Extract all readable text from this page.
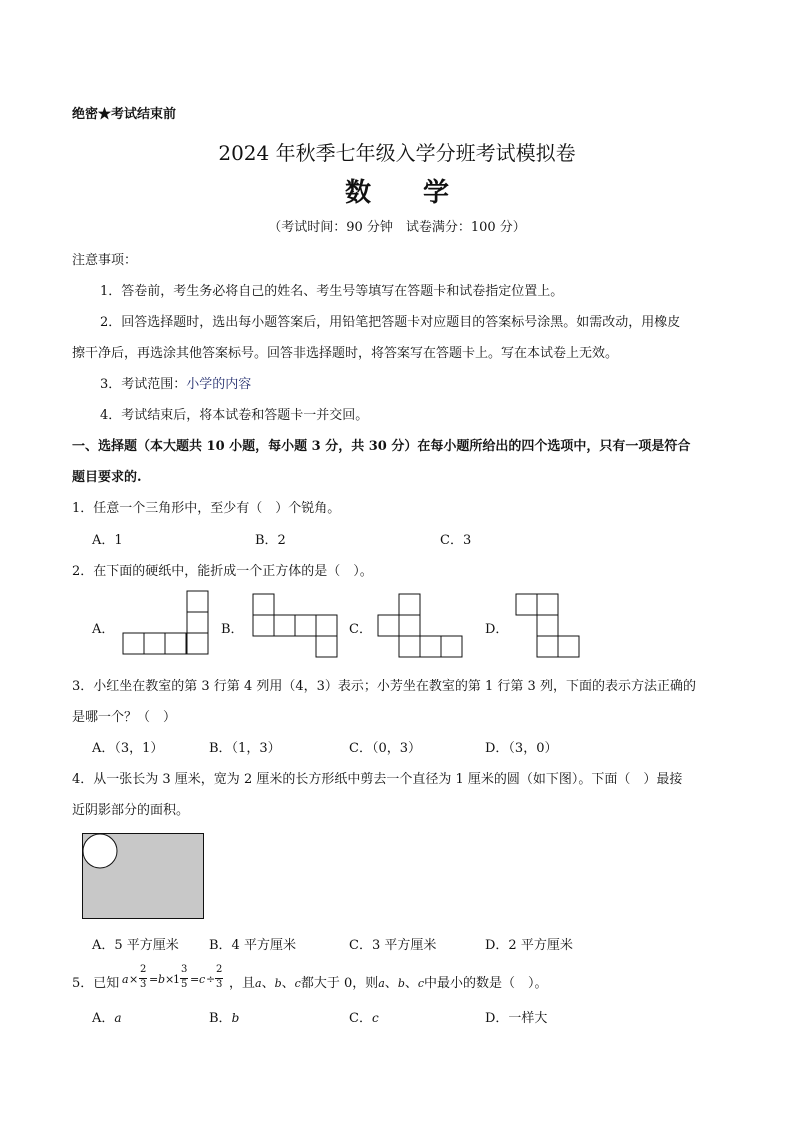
绝密★考试结束前
2024 年秋季七年级入学分班考试模拟卷
数　　学
（考试时间：90 分钟　试卷满分：100 分）
注意事项：
1．答卷前，考生务必将自己的姓名、考生号等填写在答题卡和试卷指定位置上。
2．回答选择题时，选出每小题答案后，用铅笔把答题卡对应题目的答案标号涂黑。如需改动，用橡皮
擦干净后，再选涂其他答案标号。回答非选择题时，将答案写在答题卡上。写在本试卷上无效。
3．考试范围：小学的内容
4．考试结束后，将本试卷和答题卡一并交回。
一、选择题（本大题共 10 小题，每小题 3 分，共 30 分）在每小题所给出的四个选项中，只有一项是符合
题目要求的.
1．任意一个三角形中，至少有（　）个锐角。
A．1	B．2	C．3
2．在下面的硬纸中，能折成一个正方体的是（　）。
A．	B．	C．	D．
3．小红坐在教室的第 3 行第 4 列用（4，3）表示；小芳坐在教室的第 1 行第 3 列，下面的表示方法正确的
是哪一个？（　）
A．（3，1）	B．（1，3）	C．（0，3）	D．（3，0）
4．从一张长为 3 厘米，宽为 2 厘米的长方形纸中剪去一个直径为 1 厘米的圆（如下图）。下面（　）最接
近阴影部分的面积。
A．5 平方厘米 B．4 平方厘米	C．3 平方厘米	D．2 平方厘米
5．已知 a ×
2
3 = b ×
1
3
5 = c ÷
2
3 ，且a、b、c都大于 0，则a、b、c中最小的数是（　）。
A．a	B．b	C．c	D．一样大
